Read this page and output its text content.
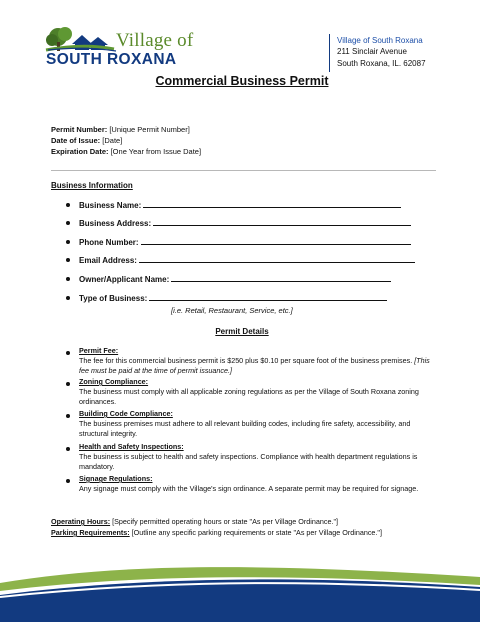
Village of
SOUTH ROXANA
Village of South Roxana
211 Sinclair Avenue
South Roxana, IL. 62087
Commercial Business Permit
Permit Number: [Unique Permit Number]
Date of Issue: [Date]
Expiration Date: [One Year from Issue Date]
Business Information
Business Name:
Business Address:
Phone Number:
Email Address:
Owner/Applicant Name:
Type of Business:
[i.e. Retail, Restaurant, Service, etc.]
Permit Details
Permit Fee:
The fee for this commercial business permit is $250 plus $0.10 per square foot of the business premises. [This fee must be paid at the time of permit issuance.]
Zoning Compliance:
The business must comply with all applicable zoning regulations as per the Village of South Roxana zoning ordinances.
Building Code Compliance:
The business premises must adhere to all relevant building codes, including fire safety, accessibility, and structural integrity.
Health and Safety Inspections:
The business is subject to health and safety inspections. Compliance with health department regulations is mandatory.
Signage Regulations:
Any signage must comply with the Village's sign ordinance. A separate permit may be required for signage.
Operating Hours: [Specify permitted operating hours or state "As per Village Ordinance."]
Parking Requirements: [Outline any specific parking requirements or state "As per Village Ordinance."]
